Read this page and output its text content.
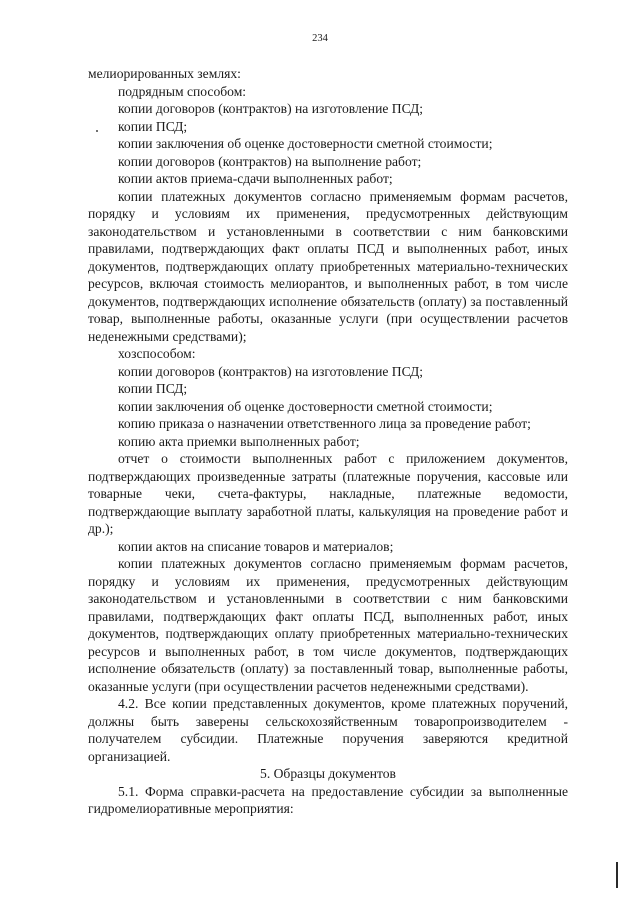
234

мелиорированных землях:

подрядным способом:

копии договоров (контрактов) на изготовление ПСД;

копии ПСД;

копии заключения об оценке достоверности сметной стоимости;

копии договоров (контрактов) на выполнение работ;

копии актов приема-сдачи выполненных работ;

копии платежных документов согласно применяемым формам расчетов, порядку и условиям их применения, предусмотренных действующим законодательством и установленными в соответствии с ним банковскими правилами, подтверждающих факт оплаты ПСД и выполненных работ, иных документов, подтверждающих оплату приобретенных материально-технических ресурсов, включая стоимость мелиорантов, и выполненных работ, в том числе документов, подтверждающих исполнение обязательств (оплату) за поставленный товар, выполненные работы, оказанные услуги (при осуществлении расчетов неденежными средствами);

хозспособом:

копии договоров (контрактов) на изготовление ПСД;

копии ПСД;

копии заключения об оценке достоверности сметной стоимости;

копию приказа о назначении ответственного лица за проведение работ;

копию акта приемки выполненных работ;

отчет о стоимости выполненных работ с приложением документов, подтверждающих произведенные затраты (платежные поручения, кассовые или товарные чеки, счета-фактуры, накладные, платежные ведомости, подтверждающие выплату заработной платы, калькуляция на проведение работ и др.);

копии актов на списание товаров и материалов;

копии платежных документов согласно применяемым формам расчетов, порядку и условиям их применения, предусмотренных действующим законодательством и установленными в соответствии с ним банковскими правилами, подтверждающих факт оплаты ПСД, выполненных работ, иных документов, подтверждающих оплату приобретенных материально-технических ресурсов и выполненных работ, в том числе документов, подтверждающих исполнение обязательств (оплату) за поставленный товар, выполненные работы, оказанные услуги (при осуществлении расчетов неденежными средствами).

4.2. Все копии представленных документов, кроме платежных поручений, должны быть заверены сельскохозяйственным товаропроизводителем - получателем субсидии. Платежные поручения заверяются кредитной организацией.

5. Образцы документов

5.1. Форма справки-расчета на предоставление субсидии за выполненные гидромелиоративные мероприятия:
